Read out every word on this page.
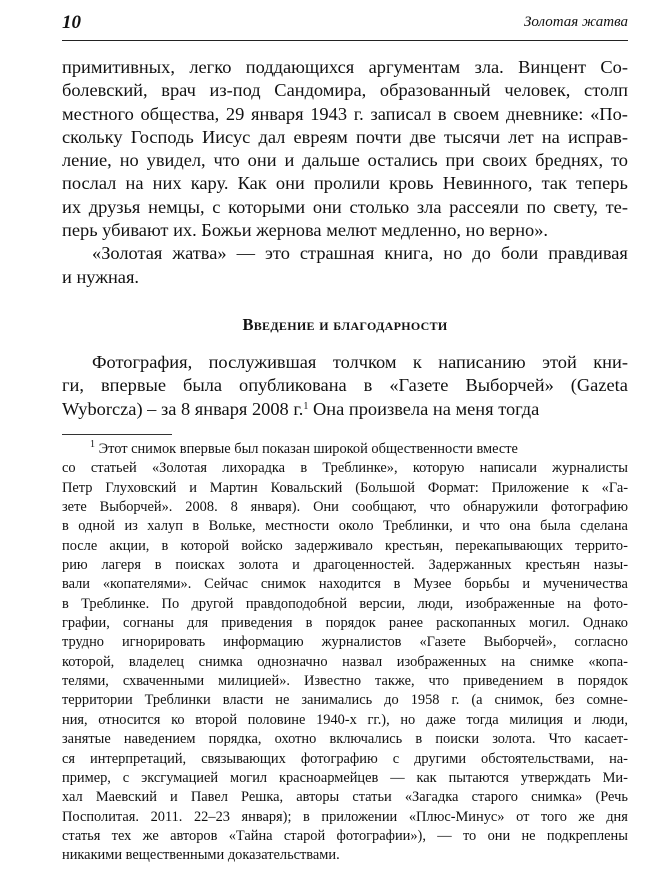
10	Золотая жатва
примитивных, легко поддающихся аргументам зла. Винцент Со-
болевский, врач из-под Сандомира, образованный человек, столп
местного общества, 29 января 1943 г. записал в своем дневнике: «По-
скольку Господь Иисус дал евреям почти две тысячи лет на исправ-
ление, но увидел, что они и дальше остались при своих бреднях, то
послал на них кару. Как они пролили кровь Невинного, так теперь
их друзья немцы, с которыми они столько зла рассеяли по свету, те-
перь убивают их. Божьи жернова мелют медленно, но верно».
«Золотая жатва» — это страшная книга, но до боли правдивая
и нужная.
Введение и благодарности
Фотография, послужившая толчком к написанию этой кни-
ги, впервые была опубликована в «Газете Выборчей» (Gazeta
Wyborcza) – за 8 января 2008 г.$^1$ Она произвела на меня тогда
$^1$ Этот снимок впервые был показан широкой общественности вместе
со статьей «Золотая лихорадка в Треблинке», которую написали журналисты
Петр Глуховский и Мартин Ковальский (Большой Формат: Приложение к «Га-
зете Выборчей». 2008. 8 января). Они сообщают, что обнаружили фотографию
в одной из халуп в Вольке, местности около Треблинки, и что она была сделана
после акции, в которой войско задерживало крестьян, перекапывающих террито-
рию лагеря в поисках золота и драгоценностей. Задержанных крестьян назы-
вали «копателями». Сейчас снимок находится в Музее борьбы и мученичества
в Треблинке. По другой правдоподобной версии, люди, изображенные на фото-
графии, согнаны для приведения в порядок ранее раскопанных могил. Однако
трудно игнорировать информацию журналистов «Газете Выборчей», согласно
которой, владелец снимка однозначно назвал изображенных на снимке «копа-
телями, схваченными милицией». Известно также, что приведением в порядок
территории Треблинки власти не занимались до 1958 г. (а снимок, без сомне-
ния, относится ко второй половине 1940-х гг.), но даже тогда милиция и люди,
занятые наведением порядка, охотно включались в поиски золота. Что касает-
ся интерпретаций, связывающих фотографию с другими обстоятельствами, на-
пример, с эксгумацией могил красноармейцев — как пытаются утверждать Ми-
хал Маевский и Павел Решка, авторы статьи «Загадка старого снимка» (Речь
Посполитая. 2011. 22–23 января); в приложении «Плюс-Минус» от того же дня
статья тех же авторов «Тайна старой фотографии»), — то они не подкреплены
никакими вещественными доказательствами.
